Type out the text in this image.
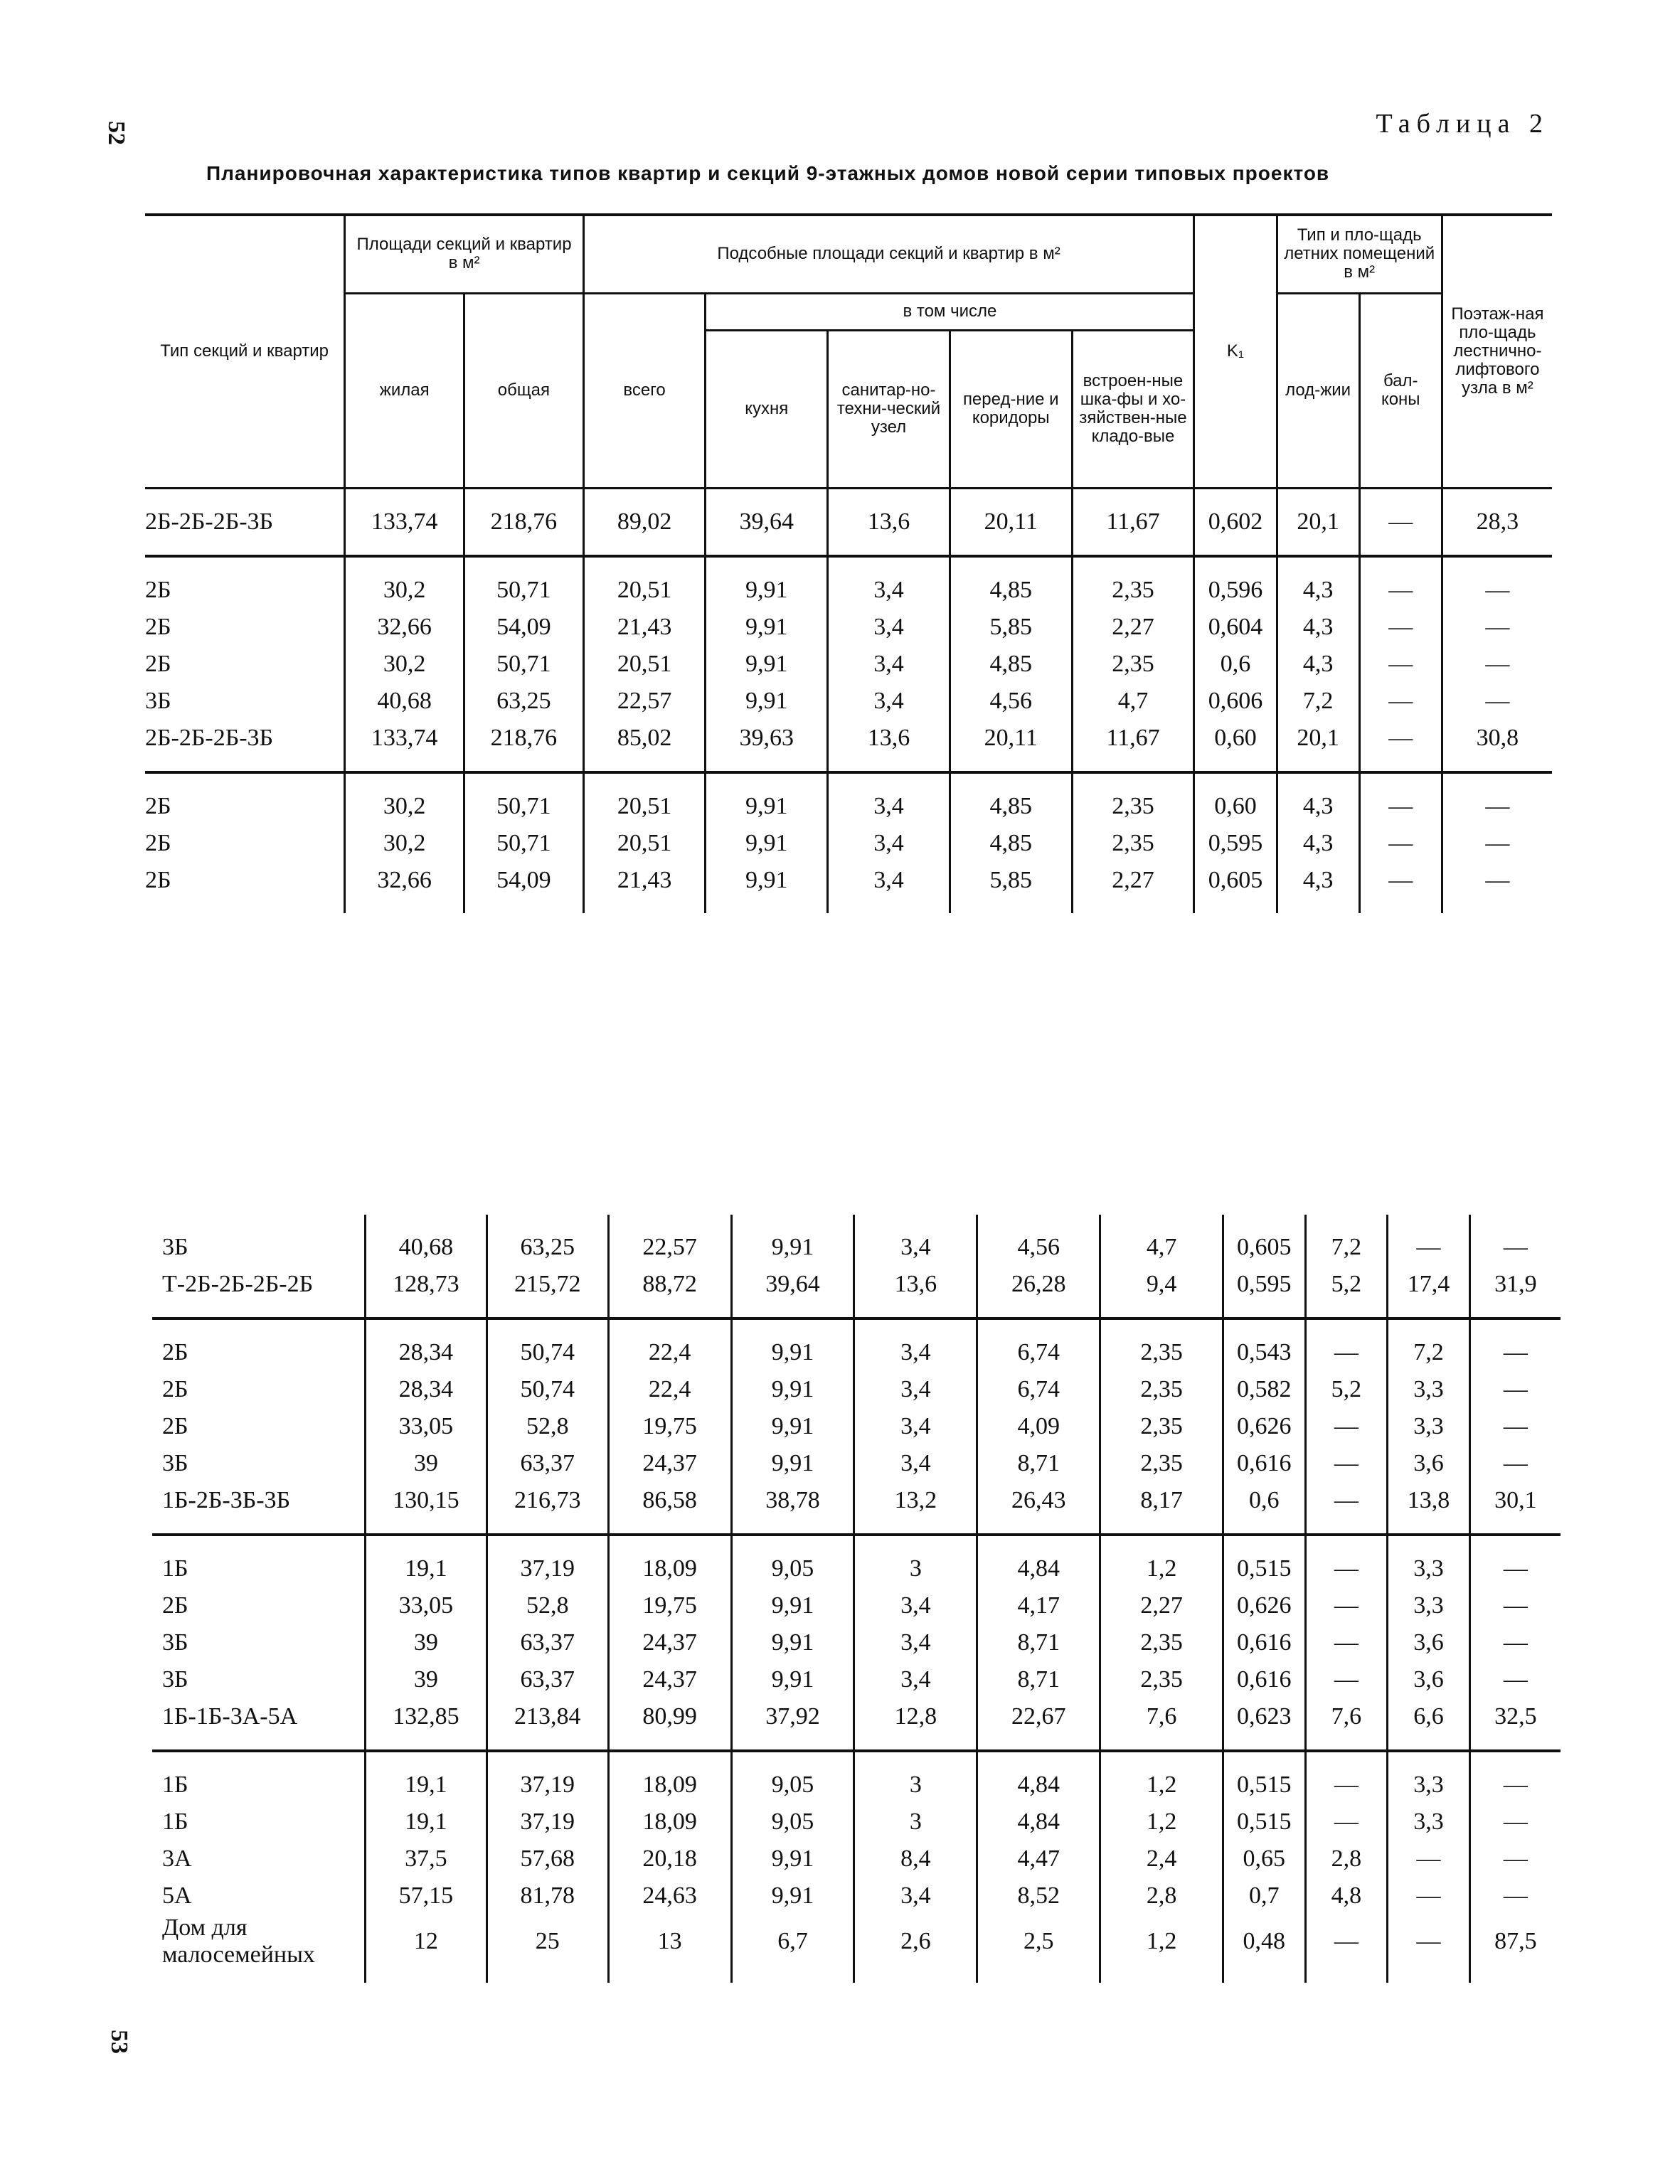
52	Таблица 2
Планировочная характеристика типов квартир и секций 9-этажных домов новой серии типовых проектов
Тип секций и квартир	Площади секций и квартир в м²		Подсобные площади секций и квартир в м²					K₁	Тип и пло-щадь летних помещений в м²		Поэтаж-ная пло-щадь лестнично-лифтового узла в м²
	жилая	общая	всего	в том числе					лод-жии	бал-коны	
				кухня	санитар-но-техни-ческий узел	перед-ние и коридоры	встроен-ные шка-фы и хо-зяйствен-ные кладо-вые				
2Б-2Б-2Б-3Б	133,74	218,76	89,02	39,64	13,6	20,11	11,67	0,602	20,1	—	28,3
2Б	30,2	50,71	20,51	9,91	3,4	4,85	2,35	0,596	4,3	—	—
2Б	32,66	54,09	21,43	9,91	3,4	5,85	2,27	0,604	4,3	—	—
2Б	30,2	50,71	20,51	9,91	3,4	4,85	2,35	0,6	4,3	—	—
3Б	40,68	63,25	22,57	9,91	3,4	4,56	4,7	0,606	7,2	—	—
2Б-2Б-2Б-3Б	133,74	218,76	85,02	39,63	13,6	20,11	11,67	0,60	20,1	—	30,8
2Б	30,2	50,71	20,51	9,91	3,4	4,85	2,35	0,60	4,3	—	—
2Б	30,2	50,71	20,51	9,91	3,4	4,85	2,35	0,595	4,3	—	—
2Б	32,66	54,09	21,43	9,91	3,4	5,85	2,27	0,605	4,3	—	—
3Б	40,68	63,25	22,57	9,91	3,4	4,56	4,7	0,605	7,2	—	—
Т-2Б-2Б-2Б-2Б	128,73	215,72	88,72	39,64	13,6	26,28	9,4	0,595	5,2	17,4	31,9
2Б	28,34	50,74	22,4	9,91	3,4	6,74	2,35	0,543	—	7,2	—
2Б	28,34	50,74	22,4	9,91	3,4	6,74	2,35	0,582	5,2	3,3	—
2Б	33,05	52,8	19,75	9,91	3,4	4,09	2,35	0,626	—	3,3	—
3Б	39	63,37	24,37	9,91	3,4	8,71	2,35	0,616	—	3,6	—
1Б-2Б-3Б-3Б	130,15	216,73	86,58	38,78	13,2	26,43	8,17	0,6	—	13,8	30,1
1Б	19,1	37,19	18,09	9,05	3	4,84	1,2	0,515	—	3,3	—
2Б	33,05	52,8	19,75	9,91	3,4	4,17	2,27	0,626	—	3,3	—
3Б	39	63,37	24,37	9,91	3,4	8,71	2,35	0,616	—	3,6	—
3Б	39	63,37	24,37	9,91	3,4	8,71	2,35	0,616	—	3,6	—
1Б-1Б-3А-5А	132,85	213,84	80,99	37,92	12,8	22,67	7,6	0,623	7,6	6,6	32,5
1Б	19,1	37,19	18,09	9,05	3	4,84	1,2	0,515	—	3,3	—
1Б	19,1	37,19	18,09	9,05	3	4,84	1,2	0,515	—	3,3	—
3А	37,5	57,68	20,18	9,91	8,4	4,47	2,4	0,65	2,8	—	—
5А	57,15	81,78	24,63	9,91	3,4	8,52	2,8	0,7	4,8	—	—
Дом для малосемейных	12	25	13	6,7	2,6	2,5	1,2	0,48	—	—	87,5
53
